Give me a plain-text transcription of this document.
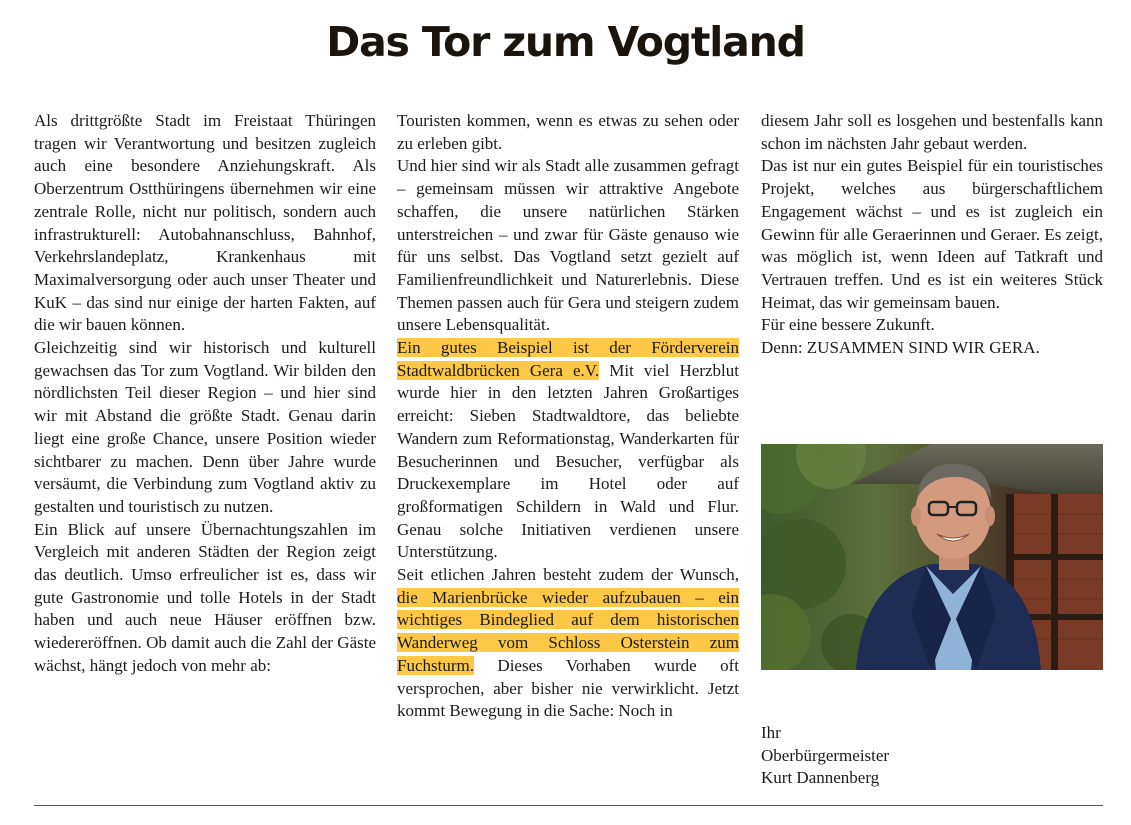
Das Tor zum Vogtland

Als drittgrößte Stadt im Freistaat Thüringen tragen wir Verantwortung und besitzen zugleich auch eine besondere Anziehungskraft. Als Oberzentrum Ostthüringens übernehmen wir eine zentrale Rolle, nicht nur politisch, sondern auch infrastrukturell: Autobahnanschluss, Bahnhof, Verkehrslandeplatz, Krankenhaus mit Maximalversorgung oder auch unser Theater und KuK – das sind nur einige der harten Fakten, auf die wir bauen können.

Gleichzeitig sind wir historisch und kulturell gewachsen das Tor zum Vogtland. Wir bilden den nördlichsten Teil dieser Region – und hier sind wir mit Abstand die größte Stadt. Genau darin liegt eine große Chance, unsere Position wieder sichtbarer zu machen. Denn über Jahre wurde versäumt, die Verbindung zum Vogtland aktiv zu gestalten und touristisch zu nutzen.

Ein Blick auf unsere Übernachtungszahlen im Vergleich mit anderen Städten der Region zeigt das deutlich. Umso erfreulicher ist es, dass wir gute Gastronomie und tolle Hotels in der Stadt haben und auch neue Häuser eröffnen bzw. wiedereröffnen. Ob damit auch die Zahl der Gäste wächst, hängt jedoch von mehr ab:

Touristen kommen, wenn es etwas zu sehen oder zu erleben gibt.

Und hier sind wir als Stadt alle zusammen gefragt – gemeinsam müssen wir attraktive Angebote schaffen, die unsere natürlichen Stärken unterstreichen – und zwar für Gäste genauso wie für uns selbst. Das Vogtland setzt gezielt auf Familienfreundlichkeit und Naturerlebnis. Diese Themen passen auch für Gera und steigern zudem unsere Lebensqualität.

Ein gutes Beispiel ist der Förderverein Stadtwaldbrücken Gera e.V. Mit viel Herzblut wurde hier in den letzten Jahren Großartiges erreicht: Sieben Stadtwaldtore, das beliebte Wandern zum Reformationstag, Wanderkarten für Besucherinnen und Besucher, verfügbar als Druckexemplare im Hotel oder auf großformatigen Schildern in Wald und Flur. Genau solche Initiativen verdienen unsere Unterstützung.

Seit etlichen Jahren besteht zudem der Wunsch, die Marienbrücke wieder aufzubauen – ein wichtiges Bindeglied auf dem historischen Wanderweg vom Schloss Osterstein zum Fuchsturm. Dieses Vorhaben wurde oft versprochen, aber bisher nie verwirklicht. Jetzt kommt Bewegung in die Sache: Noch in

diesem Jahr soll es losgehen und bestenfalls kann schon im nächsten Jahr gebaut werden.

Das ist nur ein gutes Beispiel für ein touristisches Projekt, welches aus bürgerschaftlichem Engagement wächst – und es ist zugleich ein Gewinn für alle Geraerinnen und Geraer. Es zeigt, was möglich ist, wenn Ideen auf Tatkraft und Vertrauen treffen. Und es ist ein weiteres Stück Heimat, das wir gemeinsam bauen.

Für eine bessere Zukunft.

Denn: ZUSAMMEN SIND WIR GERA.

Ihr
Oberbürgermeister
Kurt Dannenberg
